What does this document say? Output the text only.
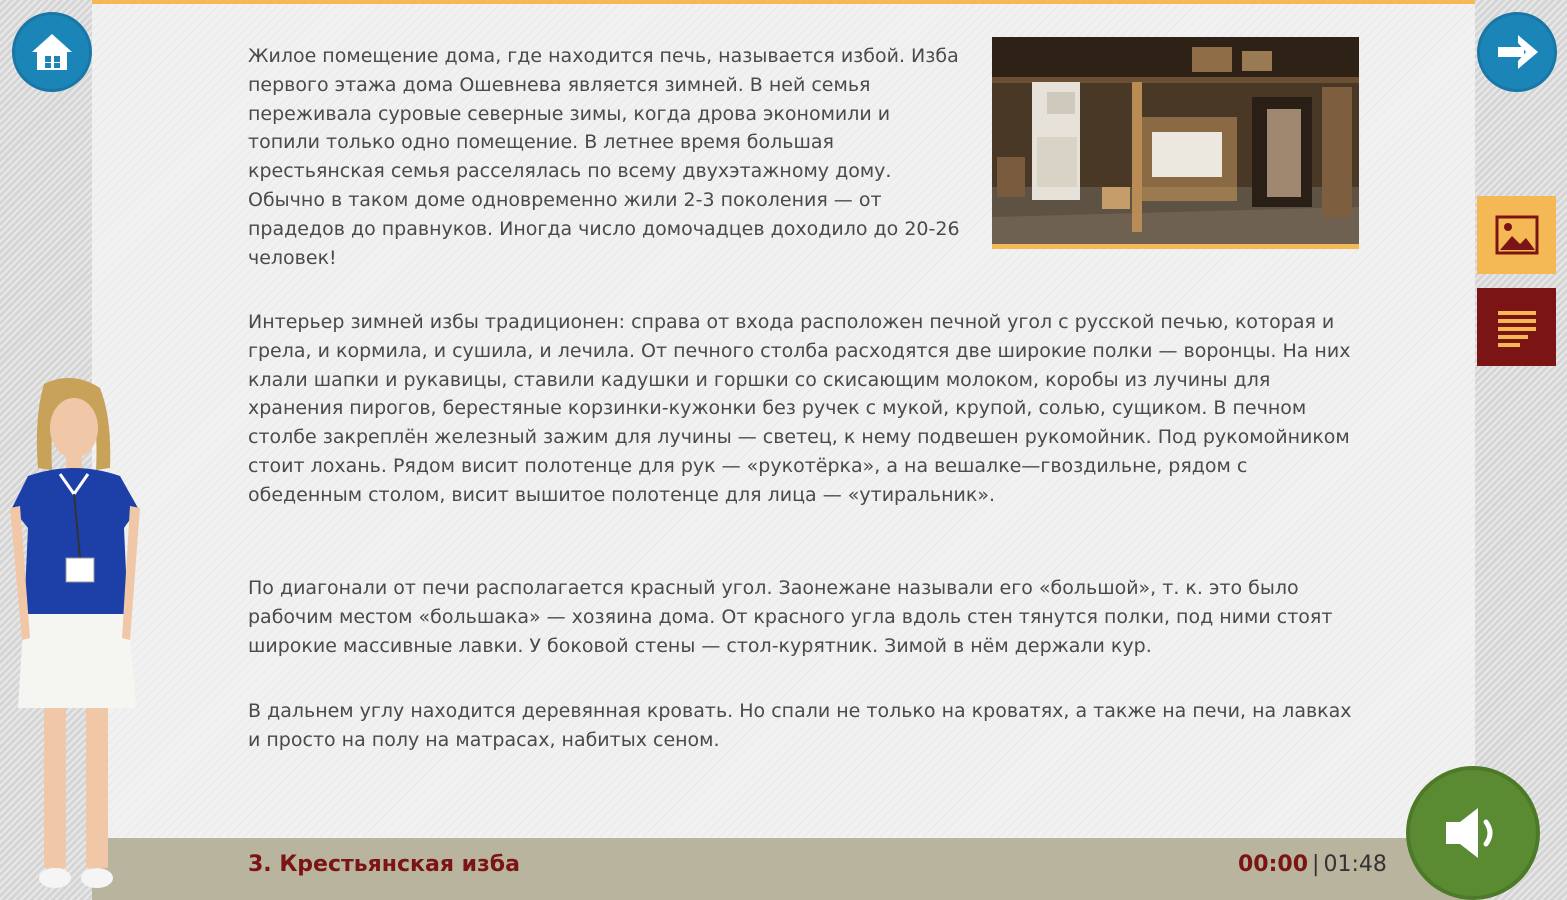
Жилое помещение дома, где находится печь, называется избой. Изба первого этажа дома Ошевнева является зимней. В ней семья переживала суровые северные зимы, когда дрова экономили и топили только одно помещение. В летнее время большая крестьянская семья расселялась по всему двухэтажному дому. Обычно в таком доме одновременно жили 2-3 поколения — от прадедов до правнуков. Иногда число домочадцев доходило до 20-26 человек!

Интерьер зимней избы традиционен: справа от входа расположен печной угол с русской печью, которая и грела, и кормила, и сушила, и лечила. От печного столба расходятся две широкие полки — воронцы. На них клали шапки и рукавицы, ставили кадушки и горшки со скисающим молоком, коробы из лучины для хранения пирогов, берестяные корзинки-кужонки без ручек с мукой, крупой, солью, сущиком. В печном столбе закреплён железный зажим для лучины — светец, к нему подвешен рукомойник. Под рукомойником стоит лохань. Рядом висит полотенце для рук — «рукотёрка», а на вешалке—гвоздильне, рядом с обеденным столом, висит вышитое полотенце для лица — «утиральник».

По диагонали от печи располагается красный угол. Заонежане называли его «большой», т. к. это было рабочим местом «большака» — хозяина дома. От красного угла вдоль стен тянутся полки, под ними стоят широкие массивные лавки. У боковой стены — стол-курятник. Зимой в нём держали кур.

В дальнем углу находится деревянная кровать. Но спали не только на кроватях, а также на печи, на лавках и просто на полу на матрасах, набитых сеном.

3. Крестьянская изба	00:00 | 01:48
